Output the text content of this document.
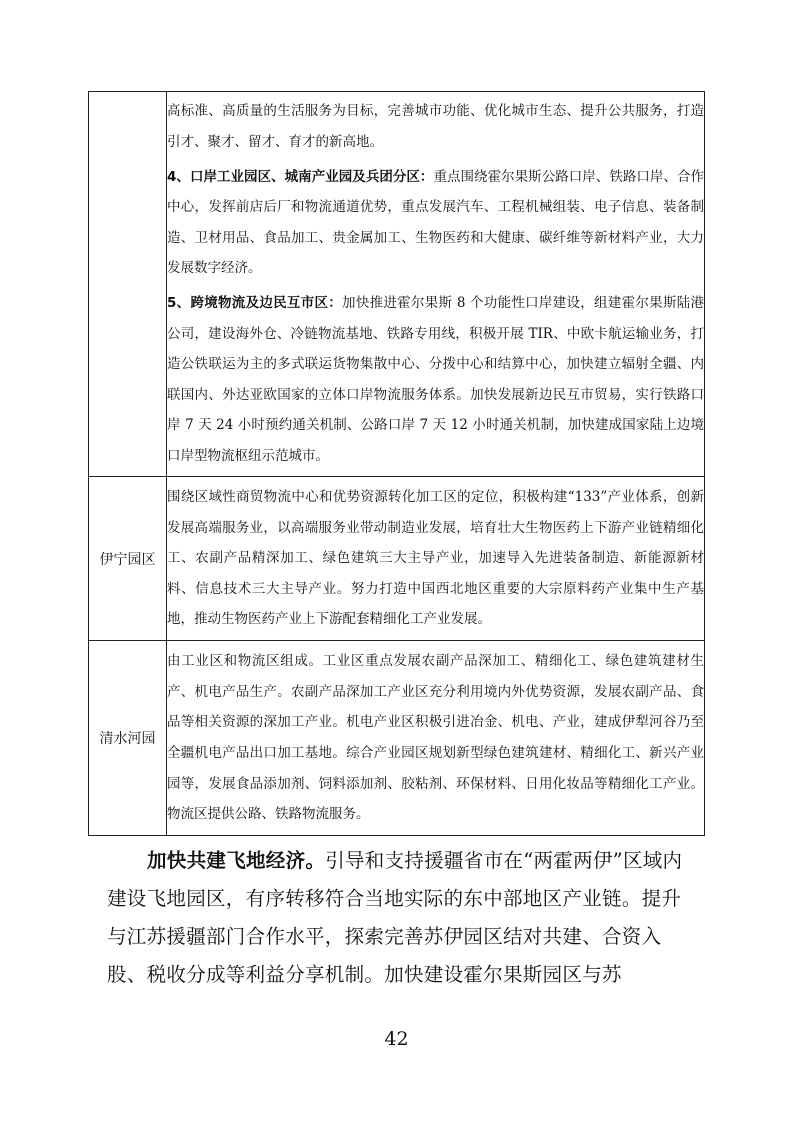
	高标准、高质量的生活服务为目标，完善城市功能、优化城市生态、提升公共服务，打造引才、聚才、留才、育才的新高地。

4、口岸工业园区、城南产业园及兵团分区：重点围绕霍尔果斯公路口岸、铁路口岸、合作中心，发挥前店后厂和物流通道优势，重点发展汽车、工程机械组装、电子信息、装备制造、卫材用品、食品加工、贵金属加工、生物医药和大健康、碳纤维等新材料产业，大力发展数字经济。

5、跨境物流及边民互市区：加快推进霍尔果斯 8 个功能性口岸建设，组建霍尔果斯陆港公司，建设海外仓、冷链物流基地、铁路专用线，积极开展 TIR、中欧卡航运输业务，打造公铁联运为主的多式联运货物集散中心、分拨中心和结算中心，加快建立辐射全疆、内联国内、外达亚欧国家的立体口岸物流服务体系。加快发展新边民互市贸易，实行铁路口岸 7 天 24 小时预约通关机制、公路口岸 7 天 12 小时通关机制，加快建成国家陆上边境口岸型物流枢纽示范城市。

伊宁园区	围绕区域性商贸物流中心和优势资源转化加工区的定位，积极构建“133”产业体系，创新发展高端服务业，以高端服务业带动制造业发展，培育壮大生物医药上下游产业链精细化工、农副产品精深加工、绿色建筑三大主导产业，加速导入先进装备制造、新能源新材料、信息技术三大主导产业。努力打造中国西北地区重要的大宗原料药产业集中生产基地，推动生物医药产业上下游配套精细化工产业发展。

清水河园	由工业区和物流区组成。工业区重点发展农副产品深加工、精细化工、绿色建筑建材生产、机电产品生产。农副产品深加工产业区充分利用境内外优势资源，发展农副产品、食品等相关资源的深加工产业。机电产业区积极引进冶金、机电、产业，建成伊犁河谷乃至全疆机电产品出口加工基地。综合产业园区规划新型绿色建筑建材、精细化工、新兴产业园等，发展食品添加剂、饲料添加剂、胶粘剂、环保材料、日用化妆品等精细化工产业。物流区提供公路、铁路物流服务。

加快共建飞地经济。引导和支持援疆省市在“两霍两伊”区域内建设飞地园区，有序转移符合当地实际的东中部地区产业链。提升与江苏援疆部门合作水平，探索完善苏伊园区结对共建、合资入股、税收分成等利益分享机制。加快建设霍尔果斯园区与苏

42
